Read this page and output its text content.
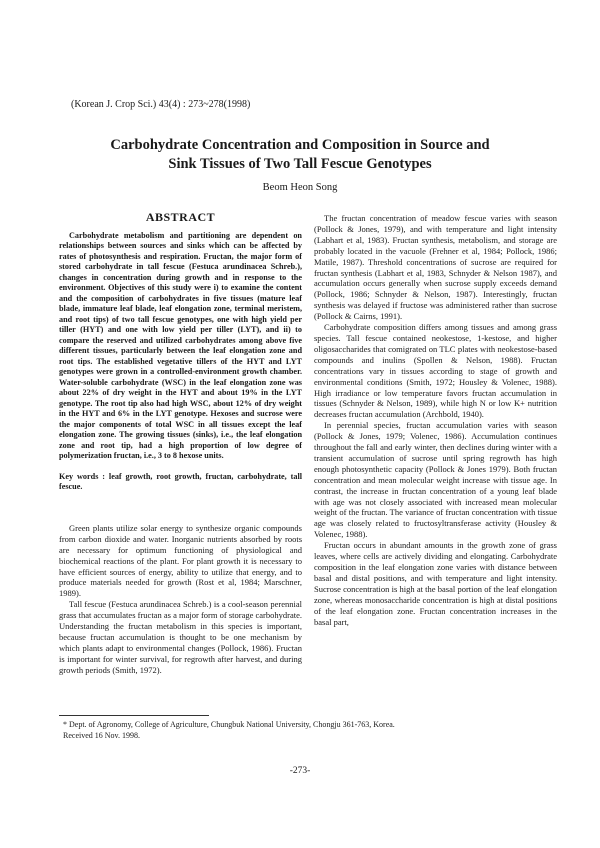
(Korean J. Crop Sci.) 43(4) : 273~278(1998)
Carbohydrate Concentration and Composition in Source and
Sink Tissues of Two Tall Fescue Genotypes
Beom Heon Song
ABSTRACT

Carbohydrate metabolism and partitioning are dependent on relationships between sources and sinks which can be affected by rates of photosynthesis and respiration. Fructan, the major form of stored carbohydrate in tall fescue (Festuca arundinacea Schreb.), changes in concentration during growth and in response to the environment. Objectives of this study were i) to examine the content and the composition of carbohydrates in five tissues (mature leaf blade, immature leaf blade, leaf elongation zone, terminal meristem, and root tips) of two tall fescue genotypes, one with high yield per tiller (HYT) and one with low yield per tiller (LYT), and ii) to compare the reserved and utilized carbohydrates among above five different tissues, particularly between the leaf elongation zone and root tips. The established vegetative tillers of the HYT and LYT genotypes were grown in a controlled-environment growth chamber. Water-soluble carbohydrate (WSC) in the leaf elongation zone was about 22% of dry weight in the HYT and about 19% in the LYT genotype. The root tip also had high WSC, about 12% of dry weight in the HYT and 6% in the LYT genotype. Hexoses and sucrose were the major components of total WSC in all tissues except the leaf elongation zone. The growing tissues (sinks), i.e., the leaf elongation zone and root tip, had a high proportion of low degree of polymerization fructan, i.e., 3 to 8 hexose units.

Key words : leaf growth, root growth, fructan, carbohydrate, tall fescue.

Green plants utilize solar energy to synthesize organic compounds from carbon dioxide and water. Inorganic nutrients absorbed by roots are necessary for optimum functioning of physiological and biochemical reactions of the plant. For plant growth it is necessary to have efficient sources of energy, ability to utilize that energy, and to produce materials needed for growth (Rost et al, 1984; Marschner, 1989).

Tall fescue (Festuca arundinacea Schreb.) is a cool-season perennial grass that accumulates fructan as a major form of storage carbohydrate. Understanding the fructan metabolism in this species is important, because fructan accumulation is thought to be one mechanism by which plants adapt to environmental changes (Pollock, 1986). Fructan is important for winter survival, for regrowth after harvest, and during growth periods (Smith, 1972).

The fructan concentration of meadow fescue varies with season (Pollock & Jones, 1979), and with temperature and light intensity (Labhart et al, 1983). Fructan synthesis, metabolism, and storage are probably located in the vacuole (Frehner et al, 1984; Pollock, 1986; Matile, 1987). Threshold concentrations of sucrose are required for fructan synthesis (Labhart et al, 1983, Schnyder & Nelson 1987), and accumulation occurs generally when sucrose supply exceeds demand (Pollock, 1986; Schnyder & Nelson, 1987). Interestingly, fructan synthesis was delayed if fructose was administered rather than sucrose (Pollock & Cairns, 1991).

Carbohydrate composition differs among tissues and among grass species. Tall fescue contained neokestose, 1-kestose, and higher oligosaccharides that comigrated on TLC plates with neokestose-based compounds and inulins (Spollen & Nelson, 1988). Fructan concentrations vary in tissues according to stage of growth and environmental conditions (Smith, 1972; Housley & Volenec, 1988). High irradiance or low temperature favors fructan accumulation in tissues (Schnyder & Nelson, 1989), while high N or low K+ nutrition decreases fructan accumulation (Archbold, 1940).

In perennial species, fructan accumulation varies with season (Pollock & Jones, 1979; Volenec, 1986). Accumulation continues throughout the fall and early winter, then declines during winter with a transient accumulation of sucrose until spring regrowth has high enough photosynthetic capacity (Pollock & Jones 1979). Both fructan concentration and mean molecular weight increase with tissue age. In contrast, the increase in fructan concentration of a young leaf blade with age was not closely associated with increased mean molecular weight of the fructan. The variance of fructan concentration with tissue age was closely related to fructosyltransferase activity (Housley & Volenec, 1988).

Fructan occurs in abundant amounts in the growth zone of grass leaves, where cells are actively dividing and elongating. Carbohydrate composition in the leaf elongation zone varies with distance between basal and distal positions, and with temperature and light intensity. Sucrose concentration is high at the basal portion of the leaf elongation zone, whereas monosaccharide concentration is high at distal positions of the leaf elongation zone. Fructan concentration increases in the basal part,

* Dept. of Agronomy, College of Agriculture, Chungbuk National University, Chongju 361-763, Korea.

Received 16 Nov. 1998.

-273-
